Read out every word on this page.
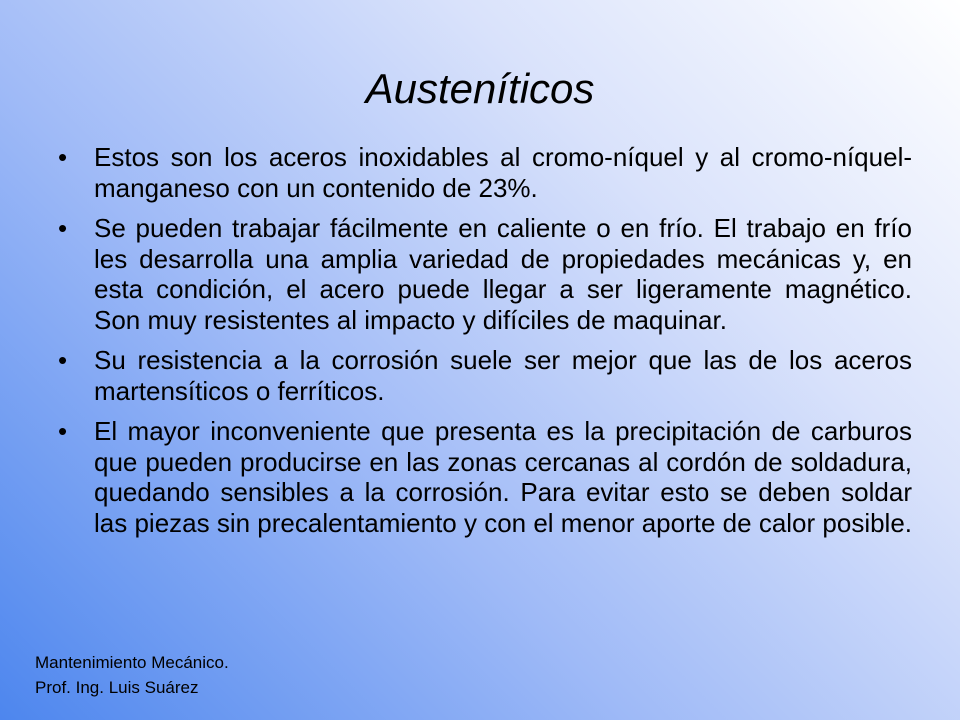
Austeníticos
•	Estos son los aceros inoxidables al cromo-níquel y al cromo-níquel-manganeso con un contenido de 23%.
•	Se pueden trabajar fácilmente en caliente o en frío. El trabajo en frío les desarrolla una amplia variedad de propiedades mecánicas y, en esta condición, el acero puede llegar a ser ligeramente magnético. Son muy resistentes al impacto y difíciles de maquinar.
•	Su resistencia a la corrosión suele ser mejor que las de los aceros martensíticos o ferríticos.
•	El mayor inconveniente que presenta es la precipitación de carburos que pueden producirse en las zonas cercanas al cordón de soldadura, quedando sensibles a la corrosión. Para evitar esto se deben soldar las piezas sin precalentamiento y con el menor aporte de calor posible.
Mantenimiento Mecánico.
Prof. Ing. Luis Suárez
